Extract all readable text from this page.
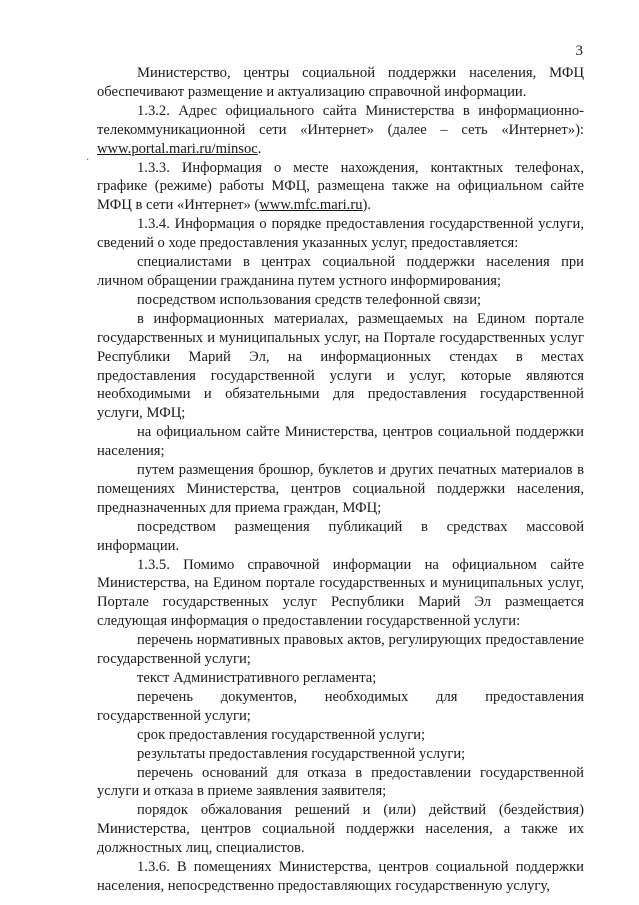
3
·

Министерство, центры социальной поддержки населения, МФЦ обеспечивают размещение и актуализацию справочной информации.

1.3.2. Адрес официального сайта Министерства в информационно-телекоммуникационной сети «Интернет» (далее – сеть «Интернет»): www.portal.mari.ru/minsoc.

1.3.3. Информация о месте нахождения, контактных телефонах, графике (режиме) работы МФЦ, размещена также на официальном сайте МФЦ в сети «Интернет» (www.mfc.mari.ru).

1.3.4. Информация о порядке предоставления государственной услуги, сведений о ходе предоставления указанных услуг, предоставляется:

специалистами в центрах социальной поддержки населения при личном обращении гражданина путем устного информирования;

посредством использования средств телефонной связи;

в информационных материалах, размещаемых на Едином портале государственных и муниципальных услуг, на Портале государственных услуг Республики Марий Эл, на информационных стендах в местах предоставления государственной услуги и услуг, которые являются необходимыми и обязательными для предоставления государственной услуги, МФЦ;

на официальном сайте Министерства, центров социальной поддержки населения;

путем размещения брошюр, буклетов и других печатных материалов в помещениях Министерства, центров социальной поддержки населения, предназначенных для приема граждан, МФЦ;

посредством размещения публикаций в средствах массовой информации.

1.3.5. Помимо справочной информации на официальном сайте Министерства, на Едином портале государственных и муниципальных услуг, Портале государственных услуг Республики Марий Эл размещается следующая информация о предоставлении государственной услуги:

перечень нормативных правовых актов, регулирующих предоставление государственной услуги;

текст Административного регламента;

перечень документов, необходимых для предоставления государственной услуги;

срок предоставления государственной услуги;

результаты предоставления государственной услуги;

перечень оснований для отказа в предоставлении государственной услуги и отказа в приеме заявления заявителя;

порядок обжалования решений и (или) действий (бездействия) Министерства, центров социальной поддержки населения, а также их должностных лиц, специалистов.

1.3.6. В помещениях Министерства, центров социальной поддержки населения, непосредственно предоставляющих государственную услугу,
